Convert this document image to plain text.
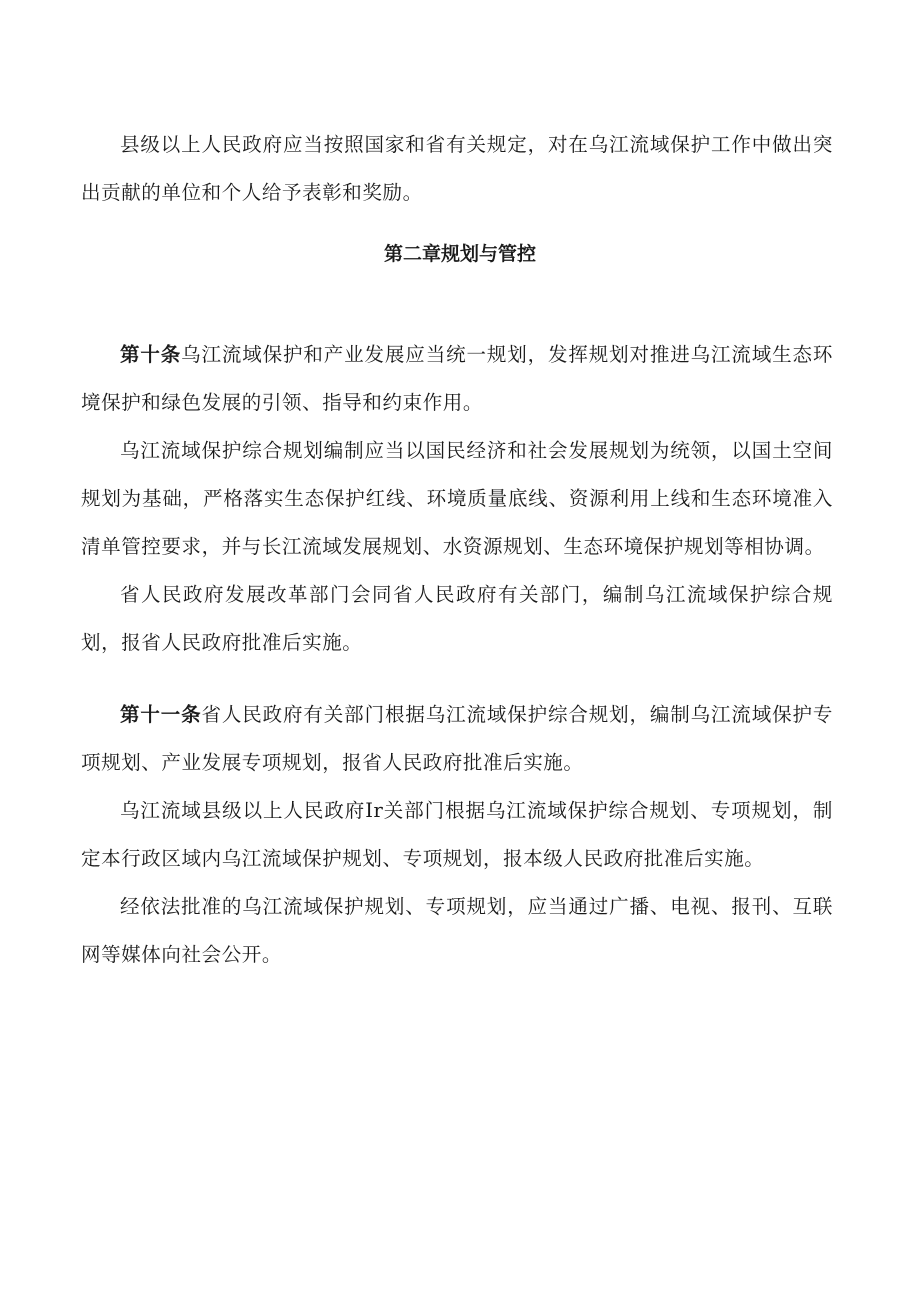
县级以上人民政府应当按照国家和省有关规定，对在乌江流域保护工作中做出突出贡献的单位和个人给予表彰和奖励。

第二章规划与管控

第十条乌江流域保护和产业发展应当统一规划，发挥规划对推进乌江流域生态环境保护和绿色发展的引领、指导和约束作用。

乌江流域保护综合规划编制应当以国民经济和社会发展规划为统领，以国土空间规划为基础，严格落实生态保护红线、环境质量底线、资源利用上线和生态环境准入清单管控要求，并与长江流域发展规划、水资源规划、生态环境保护规划等相协调。

省人民政府发展改革部门会同省人民政府有关部门，编制乌江流域保护综合规划，报省人民政府批准后实施。

第十一条省人民政府有关部门根据乌江流域保护综合规划，编制乌江流域保护专项规划、产业发展专项规划，报省人民政府批准后实施。

乌江流域县级以上人民政府Ir关部门根据乌江流域保护综合规划、专项规划，制定本行政区域内乌江流域保护规划、专项规划，报本级人民政府批准后实施。

经依法批准的乌江流域保护规划、专项规划，应当通过广播、电视、报刊、互联网等媒体向社会公开。
